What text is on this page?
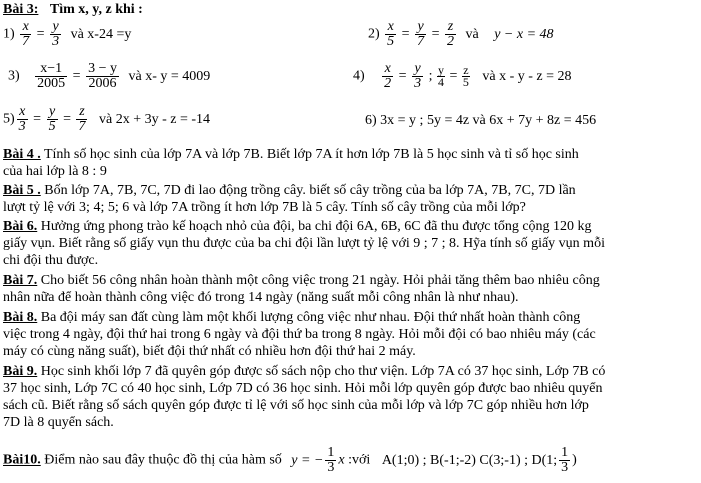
Bài 3: Tìm x, y, z khi :
$1) \frac{x}{7} = \frac{y}{3}$ và x-24 =y	$2) \frac{x}{5} = \frac{y}{7} = \frac{z}{2}$ và y − x = 48
$3) \frac{x-1}{2005} = \frac{3 - y}{2006}$ và x- y = 4009	$4) \frac{x}{2} = \frac{y}{3}$ ; $\frac{y}{4} = \frac{z}{5}$ và x - y - z = 28
$5) \frac{x}{3} = \frac{y}{5} = \frac{z}{7}$ và 2x + 3y - z = -14	6) 3x = y ; 5y = 4z và 6x + 7y + 8z = 456
Bài 4 . Tính số học sinh của lớp 7A và lớp 7B. Biết lớp 7A ít hơn lớp 7B là 5 học sinh và tỉ số học sinh
của hai lớp là 8 : 9
Bài 5 . Bốn lớp 7A, 7B, 7C, 7D đi lao động trồng cây. biết số cây trồng của ba lớp 7A, 7B, 7C, 7D lần
lượt tỷ lệ với 3; 4; 5; 6 và lớp 7A trồng ít hơn lớp 7B là 5 cây. Tính số cây trồng của mỗi lớp?
Bài 6. Hưởng ứng phong trào kế hoạch nhỏ của đội, ba chi đội 6A, 6B, 6C đã thu được tổng cộng 120 kg
giấy vụn. Biết rằng số giấy vụn thu được của ba chi đội lần lượt tỷ lệ với 9 ; 7 ; 8. Hỹa tính số giấy vụn mỗi
chi đội thu được.
Bài 7. Cho biết 56 công nhân hoàn thành một công việc trong 21 ngày. Hỏi phải tăng thêm bao nhiêu công
nhân nữa để hoàn thành công việc đó trong 14 ngày (năng suất mỗi công nhân là như nhau).
Bài 8. Ba đội máy san đất cùng làm một khối lượng công việc như nhau. Đội thứ nhất hoàn thành công
việc trong 4 ngày, đội thứ hai trong 6 ngày và đội thứ ba trong 8 ngày. Hỏi mỗi đội có bao nhiêu máy (các
máy có cùng năng suất), biết đội thứ nhất có nhiều hơn đội thứ hai 2 máy.
Bài 9. Học sinh khối lớp 7 đã quyên góp được số sách nộp cho thư viện. Lớp 7A có 37 học sinh, Lớp 7B có
37 học sinh, Lớp 7C có 40 học sinh, Lớp 7D có 36 học sinh. Hỏi mỗi lớp quyên góp được bao nhiêu quyển
sách cũ. Biết rằng số sách quyên góp được tỉ lệ với số học sinh của mỗi lớp và lớp 7C góp nhiều hơn lớp
7D là 8 quyển sách.
Bài10. Điểm nào sau đây thuộc đồ thị của hàm số y = − $\frac{1}{3}$ x :với A(1;0) ; B(-1;-2) C(3;-1) ; D(1; $\frac{1}{3}$ )
